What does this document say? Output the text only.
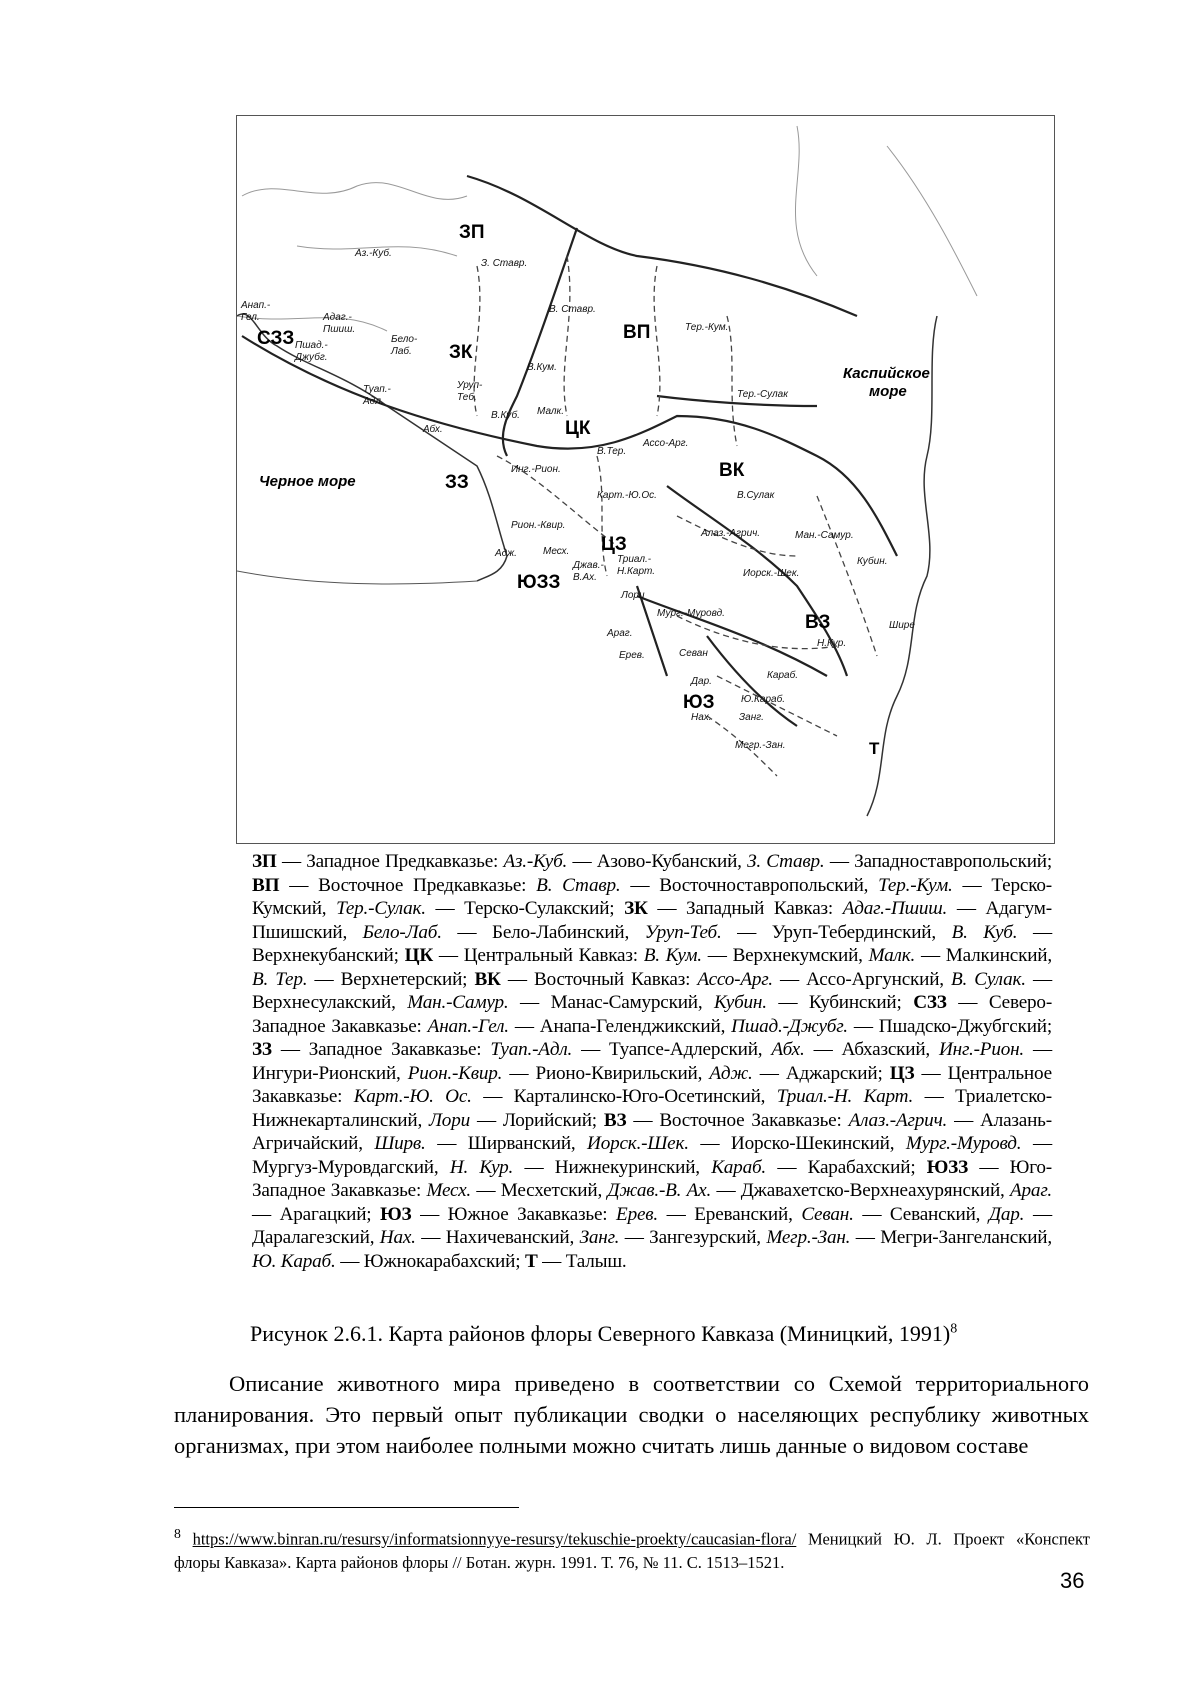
ЗП
ВП
ЗК
ЦК
ВК
СЗЗ
ЗЗ
ЦЗ
ВЗ
ЮЗЗ
ЮЗ
Т
Черное море
Каспийское
море
Аз.-Куб.
З. Ставр.
В. Ставр.
Тер.-Кум.
Тер.-Сулак
Анап.-
Гел.	Адаг.-
Пшиш.
Бело-
Лаб.
Пшад.-
Джубг.
Уруп-
Теб.
Туап.-
Адл.
Абх.
В.Кум.
В.Куб. Малк.
В.Тер.
Ассо-Арг.
Инг.-Рион.
Карт.-Ю.Ос.	В.Сулак
Рион.-Квир.
Адж.	Месх.
Джав.-
В.Ах.
Триал.-
Н.Карт.
Алаз.-Агрич.	Ман.-Самур.
Кубин.
Иорск.-Шек.
Лори
Мург.-Муровд.
Шире
Н.Кур.
Араг.
Ерев.	Севан
Дар.
Караб.
Ю.Караб.
Нах.	Занг.
Мегр.-Зан.
ЗП — Западное Предкавказье: Аз.-Куб. — Азово-Кубанский, З. Ставр. — Западноставропольский; ВП — Восточное Предкавказье: В. Ставр. — Восточноставропольский, Тер.-Кум. — Терско-Кумский, Тер.-Сулак. — Терско-Сулакский; ЗК — Западный Кавказ: Адаг.-Пшиш. — Адагум-Пшишский, Бело-Лаб. — Бело-Лабинский, Уруп-Теб. — Уруп-Тебердинский, В. Куб. — Верхнекубанский; ЦК — Центральный Кавказ: В. Кум. — Верхнекумский, Малк. — Малкинский, В. Тер. — Верхнетерский; ВК — Восточный Кавказ: Ассо-Арг. — Ассо-Аргунский, В. Сулак. — Верхнесулакский, Ман.-Самур. — Манас-Самурский, Кубин. — Кубинский; СЗЗ — Северо-Западное Закавказье: Анап.-Гел. — Анапа-Геленджикский, Пшад.-Джубг. — Пшадско-Джубгский; ЗЗ — Западное Закавказье: Туап.-Адл. — Туапсе-Адлерский, Абх. — Абхазский, Инг.-Рион. — Ингури-Рионский, Рион.-Квир. — Рионо-Квирильский, Адж. — Аджарский; ЦЗ — Центральное Закавказье: Карт.-Ю. Ос. — Карталинско-Юго-Осетинский, Триал.-Н. Карт. — Триалетско-Нижнекарталинский, Лори — Лорийский; ВЗ — Восточное Закавказье: Алаз.-Агрич. — Алазань-Агричайский, Ширв. — Ширванский, Иорск.-Шек. — Иорско-Шекинский, Мург.-Муровд. — Мургуз-Муровдагский, Н. Кур. — Нижнекуринский, Караб. — Карабахский; ЮЗЗ — Юго-Западное Закавказье: Месх. — Месхетский, Джав.-В. Ах. — Джавахетско-Верхнеахурянский, Араг. — Арагацкий; ЮЗ — Южное Закавказье: Ерев. — Ереванский, Севан. — Севанский, Дар. — Даралагезский, Нах. — Нахичеванский, Занг. — Зангезурский, Мегр.-Зан. — Мегри-Зангеланский, Ю. Караб. — Южнокарабахский; Т — Талыш.
Рисунок 2.6.1. Карта районов флоры Северного Кавказа (Миницкий, 1991)$^8$
Описание животного мира приведено в соответствии со Схемой территориального планирования. Это первый опыт публикации сводки о населяющих республику животных организмах, при этом наиболее полными можно считать лишь данные о видовом составе
$^8$ https://www.binran.ru/resursy/informatsionnyye-resursy/tekuschie-proekty/caucasian-flora/ Меницкий Ю. Л. Проект «Конспект флоры Кавказа». Карта районов флоры // Ботан. журн. 1991. Т. 76, № 11. С. 1513–1521.
36
